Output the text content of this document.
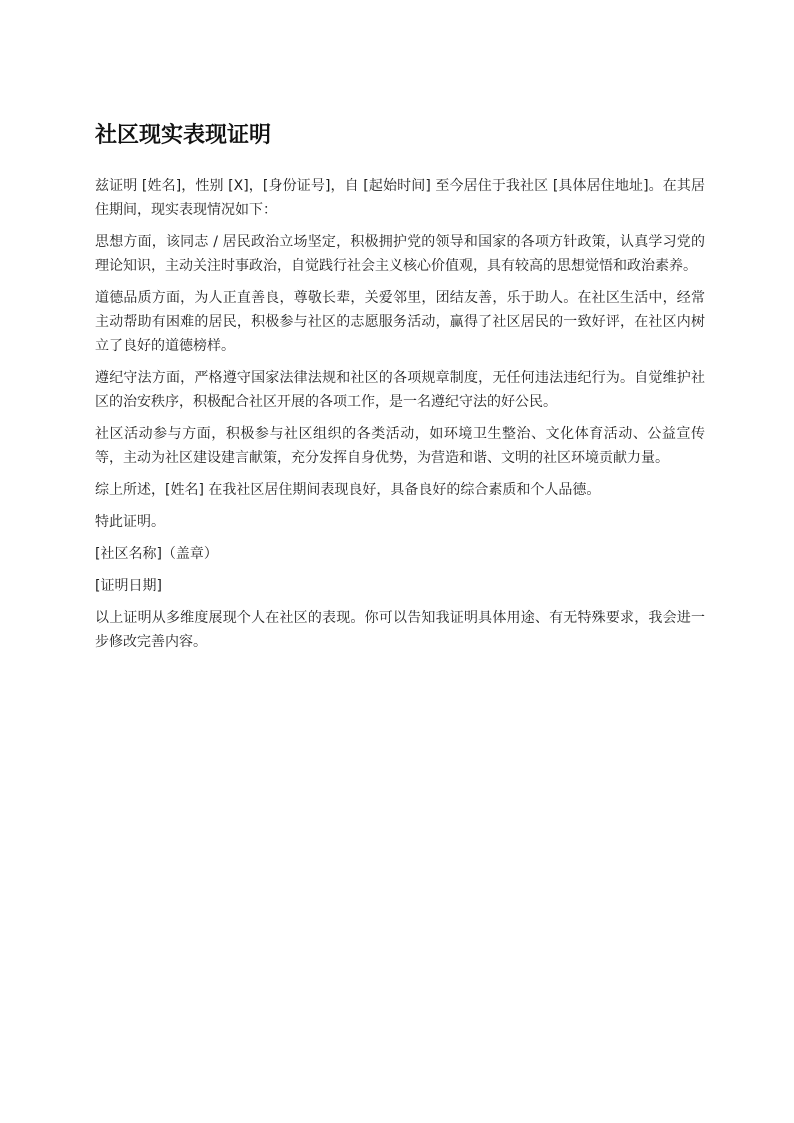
社区现实表现证明

兹证明 [姓名]，性别 [X]，[身份证号]，自 [起始时间] 至今居住于我社区 [具体居住地址]。在其居住期间，现实表现情况如下：

思想方面，该同志 / 居民政治立场坚定，积极拥护党的领导和国家的各项方针政策，认真学习党的理论知识，主动关注时事政治，自觉践行社会主义核心价值观，具有较高的思想觉悟和政治素养。

道德品质方面，为人正直善良，尊敬长辈，关爱邻里，团结友善，乐于助人。在社区生活中，经常主动帮助有困难的居民，积极参与社区的志愿服务活动，赢得了社区居民的一致好评，在社区内树立了良好的道德榜样。

遵纪守法方面，严格遵守国家法律法规和社区的各项规章制度，无任何违法违纪行为。自觉维护社区的治安秩序，积极配合社区开展的各项工作，是一名遵纪守法的好公民。

社区活动参与方面，积极参与社区组织的各类活动，如环境卫生整治、文化体育活动、公益宣传等，主动为社区建设建言献策，充分发挥自身优势，为营造和谐、文明的社区环境贡献力量。

综上所述，[姓名] 在我社区居住期间表现良好，具备良好的综合素质和个人品德。

特此证明。

[社区名称]（盖章）

[证明日期]

以上证明从多维度展现个人在社区的表现。你可以告知我证明具体用途、有无特殊要求，我会进一步修改完善内容。
